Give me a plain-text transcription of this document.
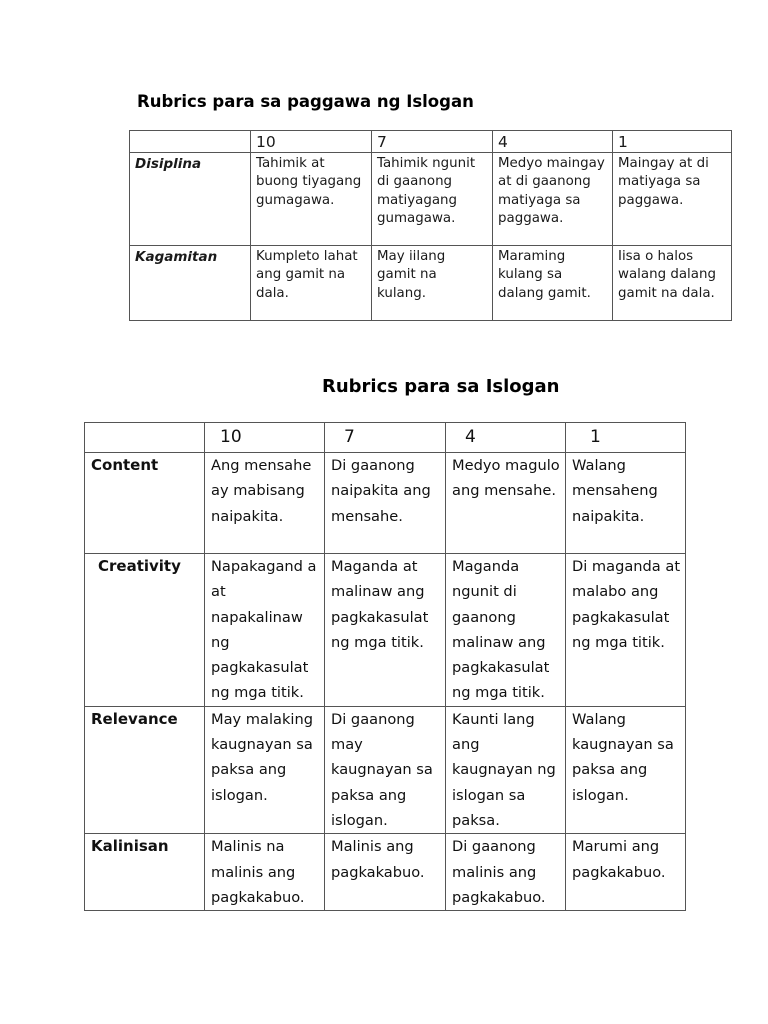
Rubrics para sa paggawa ng Islogan
	10	7	4	1
Disiplina	Tahimik at buong tiyagang gumagawa.	Tahimik ngunit di gaanong matiyagang gumagawa.	Medyo maingay at di gaanong matiyaga sa paggawa.	Maingay at di matiyaga sa paggawa.
Kagamitan	Kumpleto lahat ang gamit na dala.	May iilang gamit na kulang.	Maraming kulang sa dalang gamit.	Iisa o halos walang dalang gamit na dala.
Rubrics para sa Islogan
	10	7	4	1
Content	Ang mensahe ay mabisang naipakita.	Di gaanong naipakita ang mensahe.	Medyo magulo ang mensahe.	Walang mensaheng naipakita.
Creativity	Napakagand a at napakalinaw ng pagkakasulat ng mga titik.	Maganda at malinaw ang pagkakasulat ng mga titik.	Maganda ngunit di gaanong malinaw ang pagkakasulat ng mga titik.	Di maganda at malabo ang pagkakasulat ng mga titik.
Relevance	May malaking kaugnayan sa paksa ang islogan.	Di gaanong may kaugnayan sa paksa ang islogan.	Kaunti lang ang kaugnayan ng islogan sa paksa.	Walang kaugnayan sa paksa ang islogan.
Kalinisan	Malinis na malinis ang pagkakabuo.	Malinis ang pagkakabuo.	Di gaanong malinis ang pagkakabuo.	Marumi ang pagkakabuo.
